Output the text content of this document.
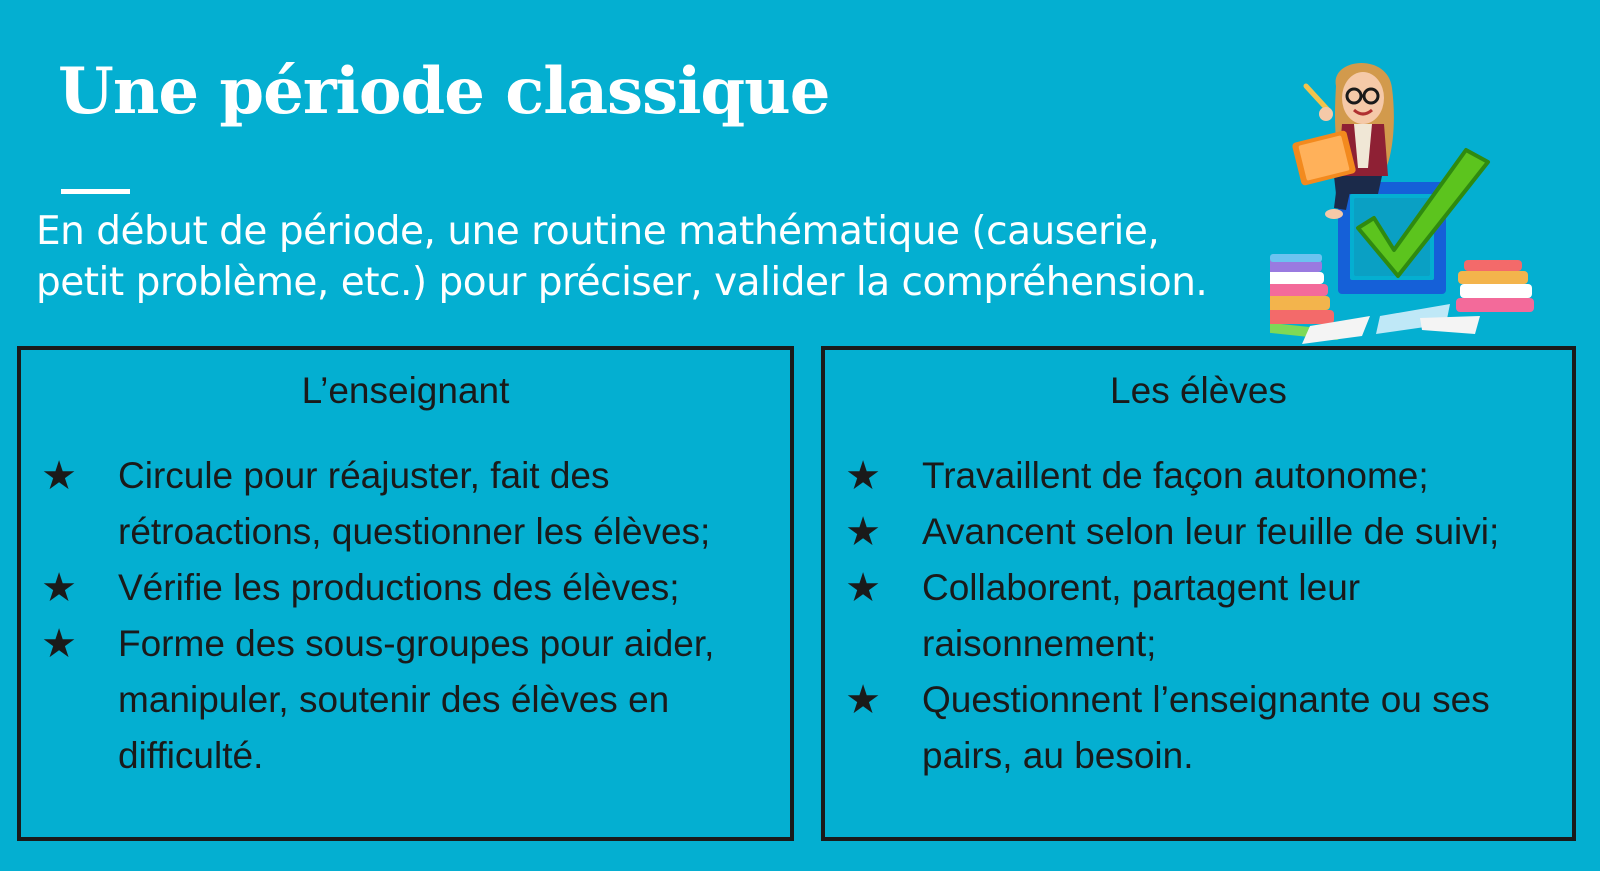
Une période classique

En début de période, une routine mathématique (causerie,
petit problème, etc.) pour préciser, valider la compréhension.

L’enseignant
★ Circule pour réajuster, fait des
rétroactions, questionner les élèves;
★ Vérifie les productions des élèves;
★ Forme des sous-groupes pour aider,
manipuler, soutenir des élèves en
difficulté.
Les élèves
★ Travaillent de façon autonome;
★ Avancent selon leur feuille de suivi;
★ Collaborent, partagent leur
raisonnement;
★ Questionnent l’enseignante ou ses
pairs, au besoin.
